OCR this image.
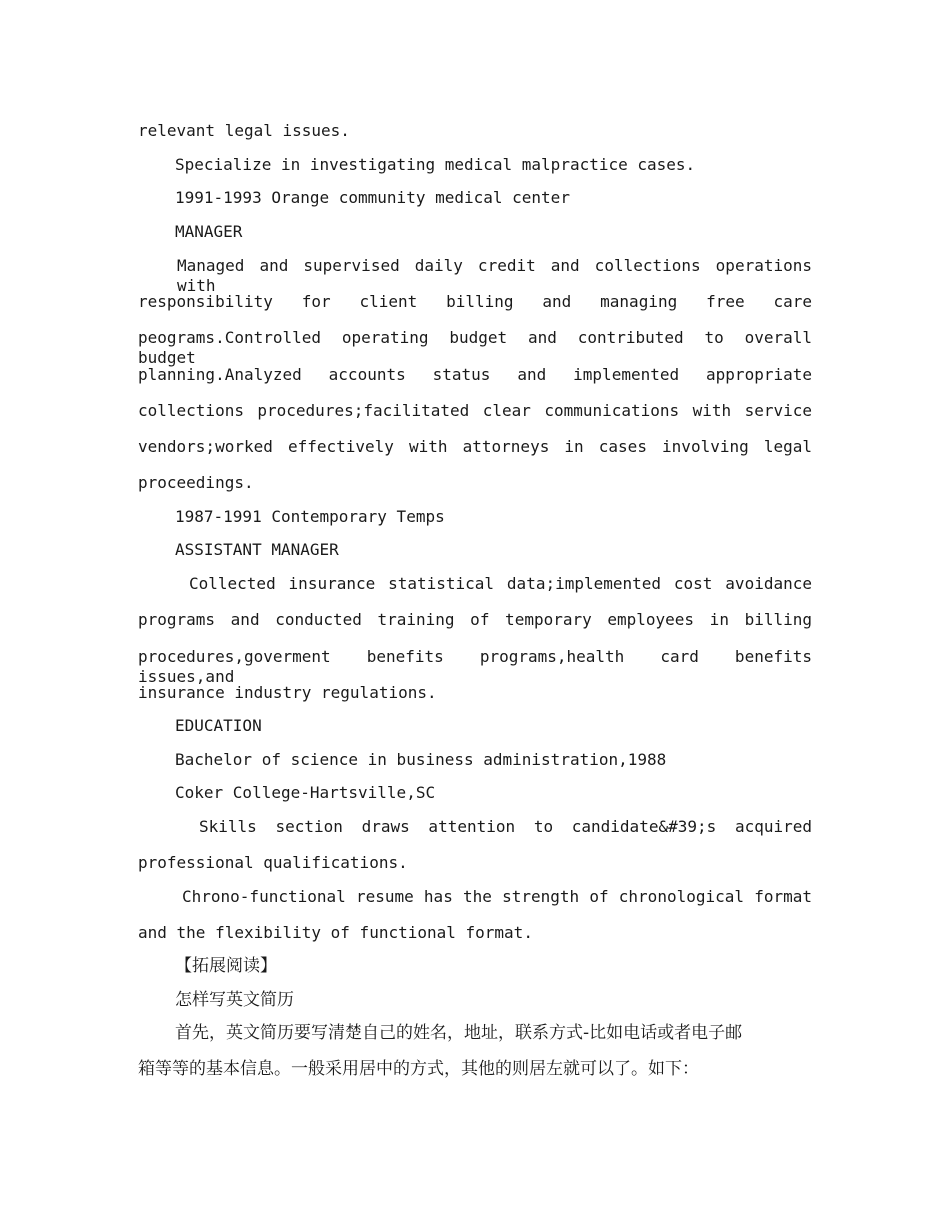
relevant legal issues.
Specialize in investigating medical malpractice cases.
1991-1993 Orange community medical center
MANAGER
Managed and supervised daily credit and collections operations with
responsibility for client billing and managing free care
peograms.Controlled operating budget and contributed to overall budget
planning.Analyzed accounts status and implemented appropriate
collections procedures;facilitated clear communications with service
vendors;worked effectively with attorneys in cases involving legal
proceedings.
1987-1991 Contemporary Temps
ASSISTANT MANAGER
Collected insurance statistical data;implemented cost avoidance
programs and conducted training of temporary employees in billing
procedures,goverment benefits programs,health card benefits issues,and
insurance industry regulations.
EDUCATION
Bachelor of science in business administration,1988
Coker College-Hartsville,SC
Skills section draws attention to candidate&#39;s acquired
professional qualifications.
Chrono-functional resume has the strength of chronological format
and the flexibility of functional format.
【拓展阅读】
怎样写英文简历
首先，英文简历要写清楚自己的姓名，地址，联系方式-比如电话或者电子邮
箱等等的基本信息。一般采用居中的方式，其他的则居左就可以了。如下：
